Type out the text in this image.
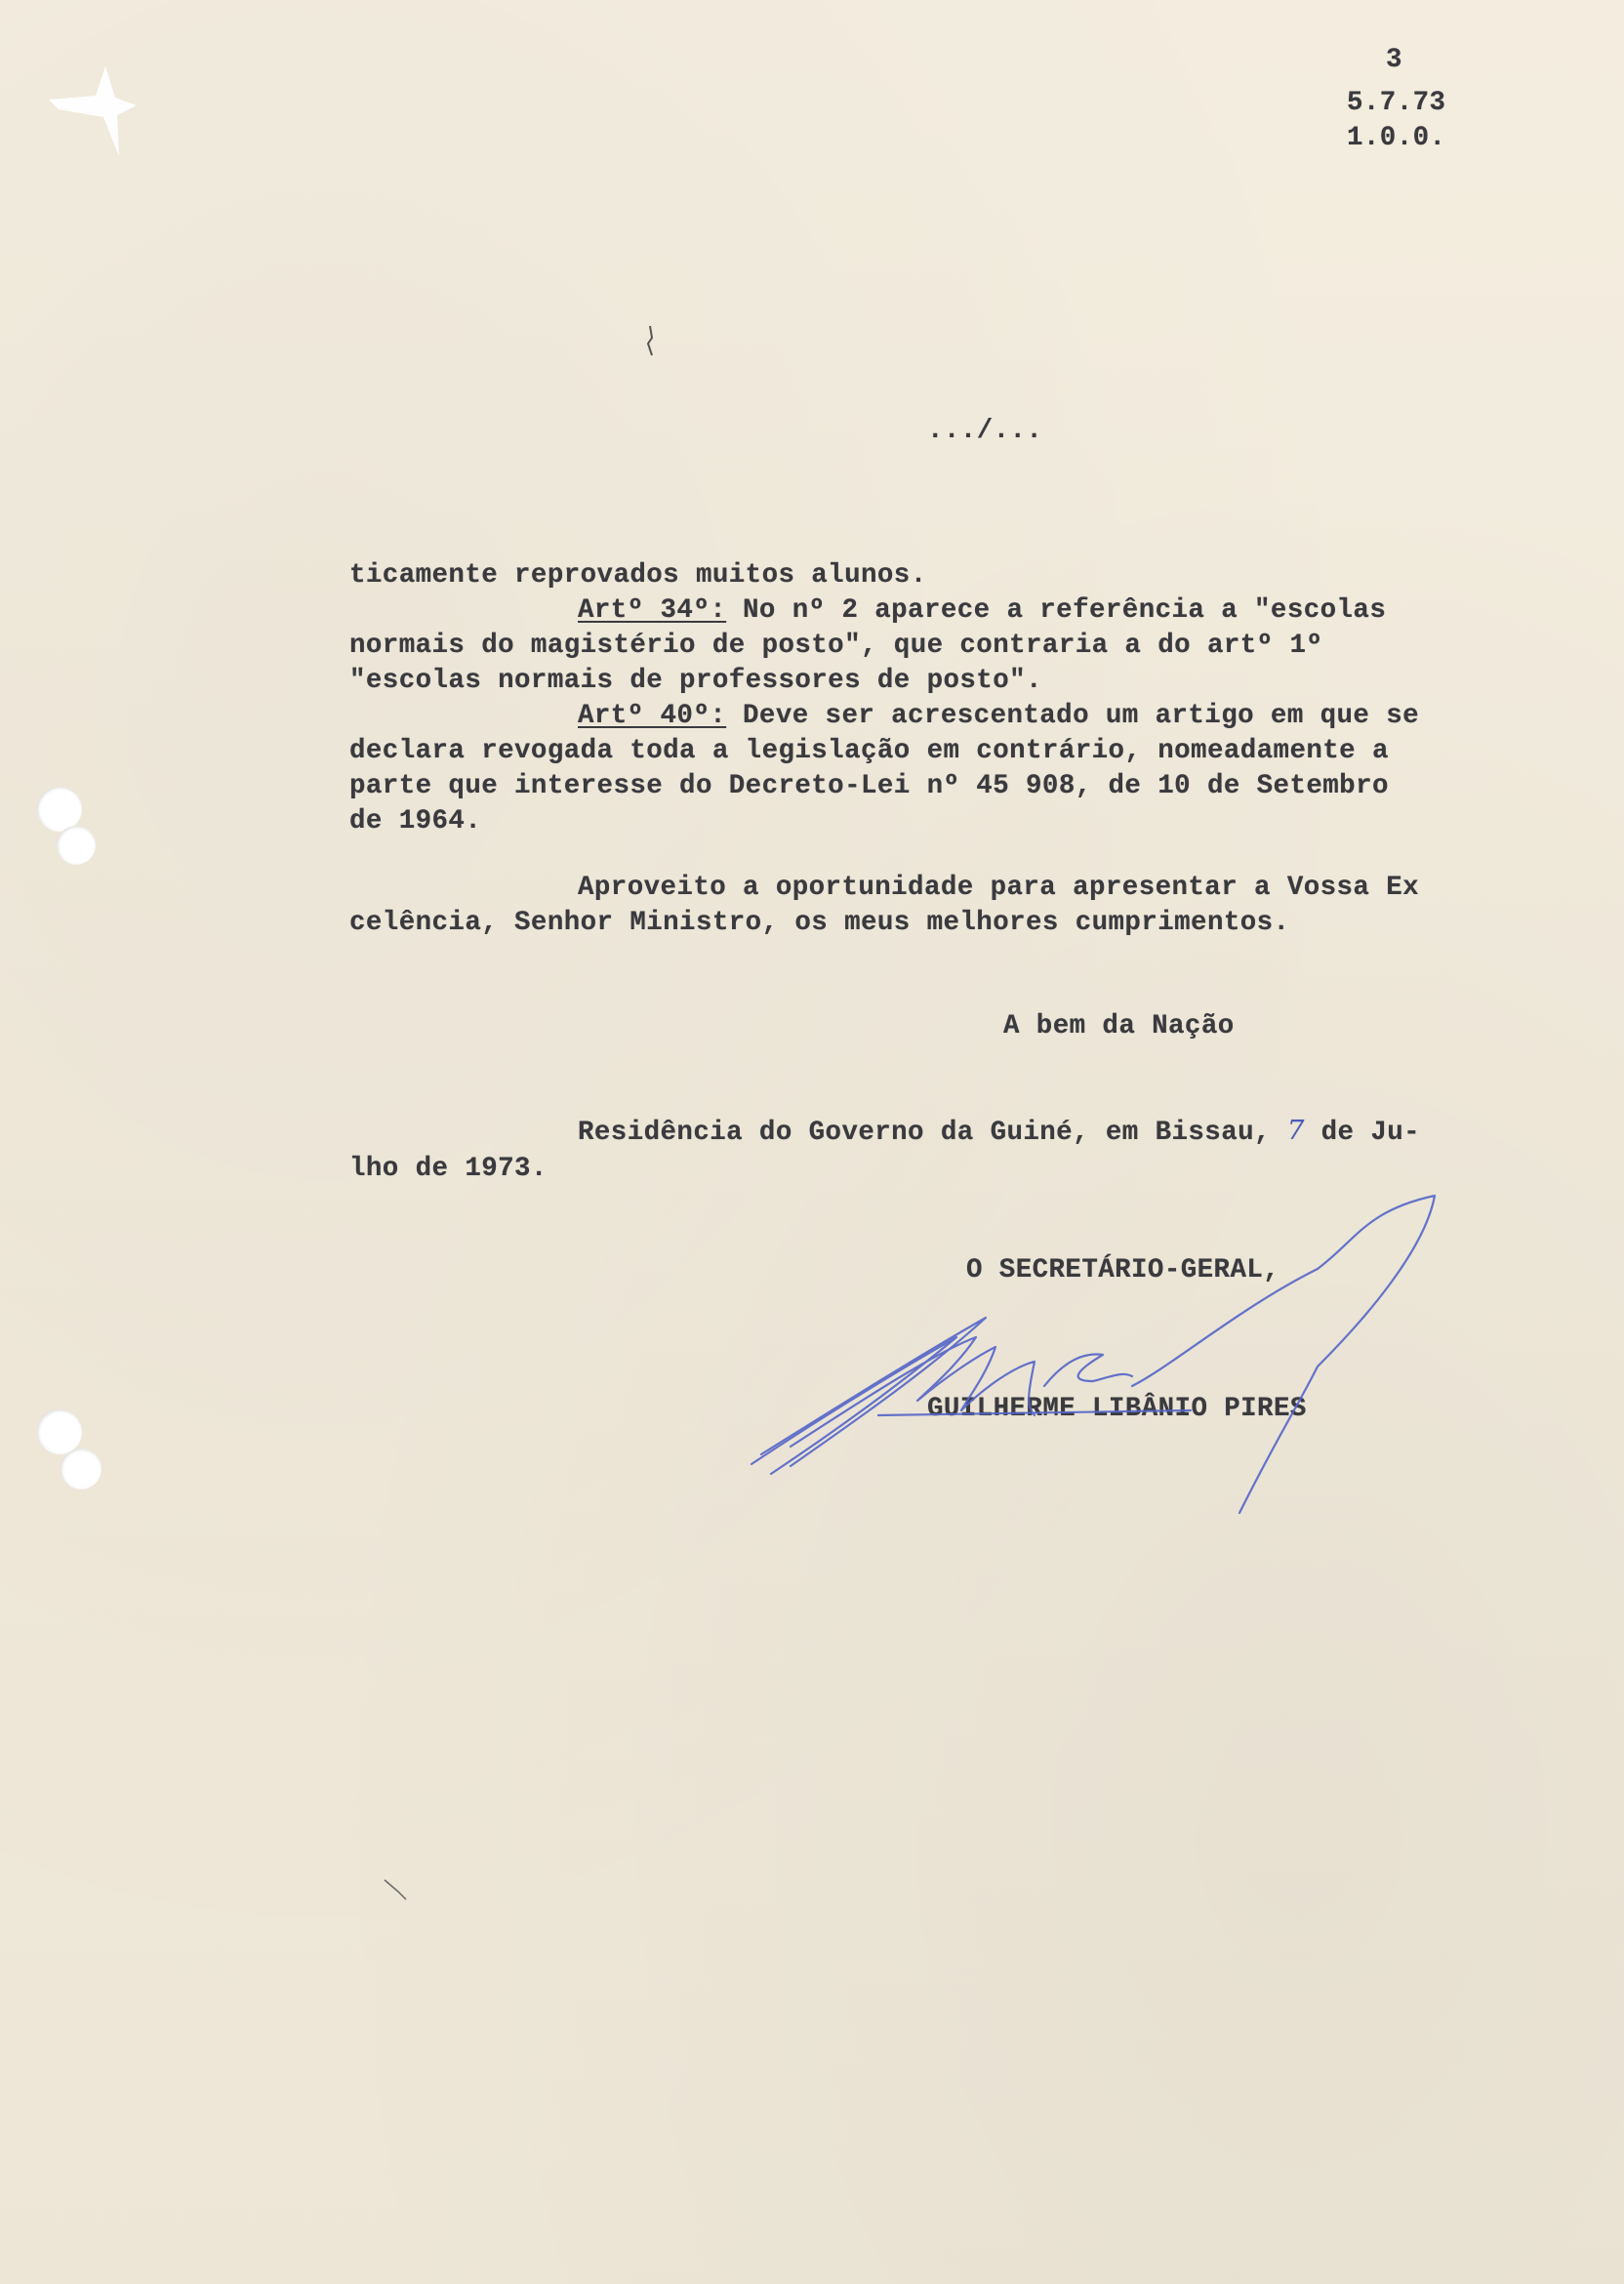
3
5.7.73
1.0.0.
.../...
ticamente reprovados muitos alunos.
Artº 34º: No nº 2 aparece a referência a "escolas
normais do magistério de posto", que contraria a do artº 1º
"escolas normais de professores de posto".
Artº 40º: Deve ser acrescentado um artigo em que se
declara revogada toda a legislação em contrário, nomeadamente a
parte que interesse do Decreto-Lei nº 45 908, de 10 de Setembro
de 1964.
Aproveito a oportunidade para apresentar a Vossa Ex
celência, Senhor Ministro, os meus melhores cumprimentos.
A bem da Nação
Residência do Governo da Guiné, em Bissau, 7 de Ju-
lho de 1973.
O SECRETÁRIO-GERAL,
GUILHERME LIBÂNIO PIRES
